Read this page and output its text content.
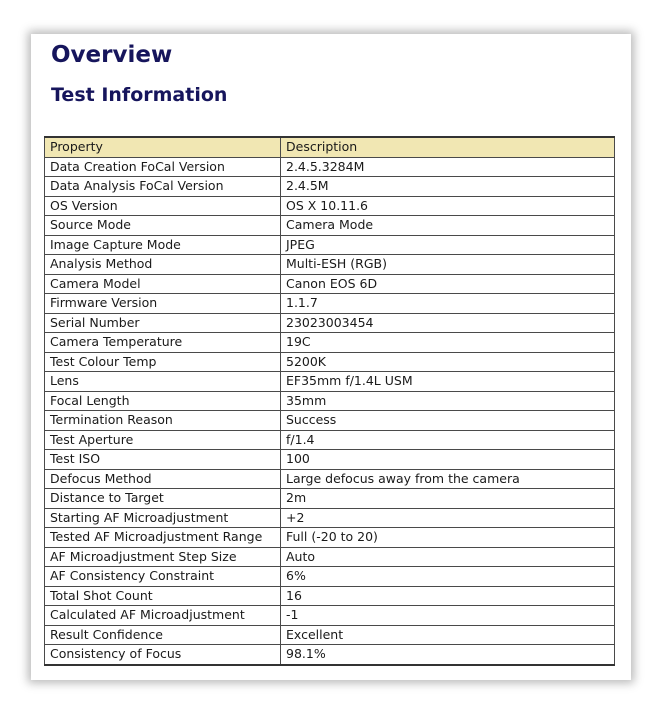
Overview
Test Information
Property	Description
Data Creation FoCal Version	2.4.5.3284M
Data Analysis FoCal Version	2.4.5M
OS Version	OS X 10.11.6
Source Mode	Camera Mode
Image Capture Mode	JPEG
Analysis Method	Multi-ESH (RGB)
Camera Model	Canon EOS 6D
Firmware Version	1.1.7
Serial Number	23023003454
Camera Temperature	19C
Test Colour Temp	5200K
Lens	EF35mm f/1.4L USM
Focal Length	35mm
Termination Reason	Success
Test Aperture	f/1.4
Test ISO	100
Defocus Method	Large defocus away from the camera
Distance to Target	2m
Starting AF Microadjustment	+2
Tested AF Microadjustment Range	Full (-20 to 20)
AF Microadjustment Step Size	Auto
AF Consistency Constraint	6%
Total Shot Count	16
Calculated AF Microadjustment	-1
Result Confidence	Excellent
Consistency of Focus	98.1%
